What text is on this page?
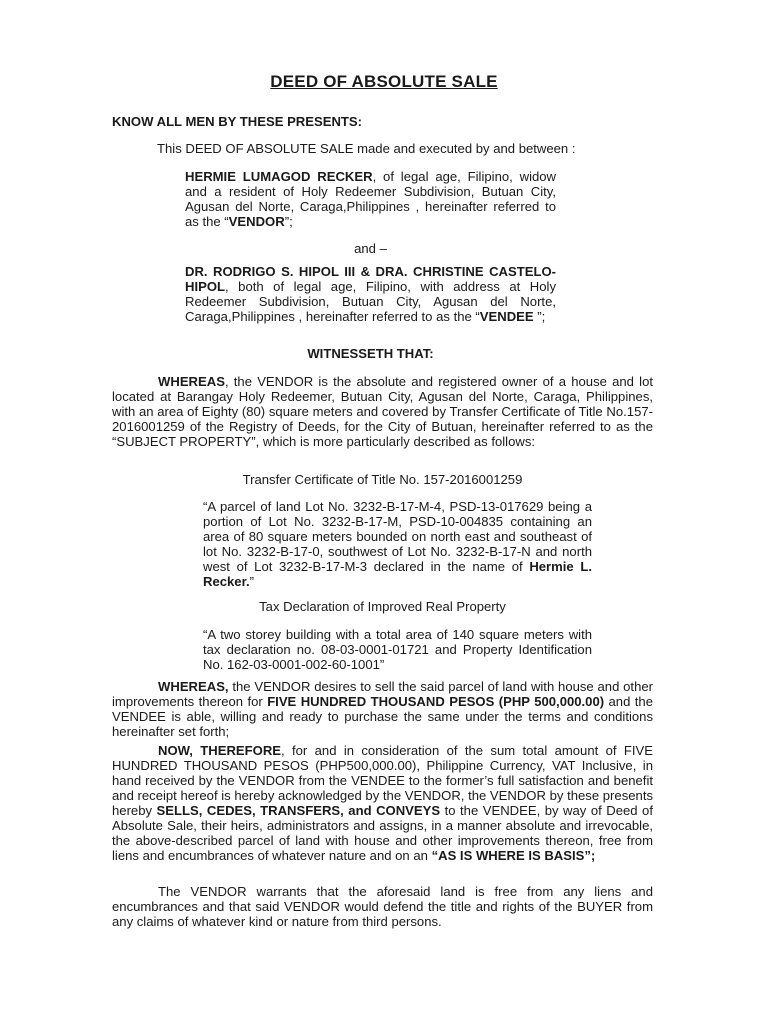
DEED OF ABSOLUTE SALE

KNOW ALL MEN BY THESE PRESENTS:

This DEED OF ABSOLUTE SALE made and executed by and between :

HERMIE LUMAGOD RECKER, of legal age, Filipino, widow and a resident of Holy Redeemer Subdivision, Butuan City, Agusan del Norte, Caraga,Philippines , hereinafter referred to as the “VENDOR”;

and –

DR. RODRIGO S. HIPOL III & DRA. CHRISTINE CASTELO-HIPOL, both of legal age, Filipino, with address at Holy Redeemer Subdivision, Butuan City, Agusan del Norte, Caraga,Philippines , hereinafter referred to as the “VENDEE ”;

WITNESSETH THAT:

WHEREAS, the VENDOR is the absolute and registered owner of a house and lot located at Barangay Holy Redeemer, Butuan City, Agusan del Norte, Caraga, Philippines, with an area of Eighty (80) square meters and covered by Transfer Certificate of Title No.157-2016001259 of the Registry of Deeds, for the City of Butuan, hereinafter referred to as the “SUBJECT PROPERTY”, which is more particularly described as follows:

Transfer Certificate of Title No. 157-2016001259

“A parcel of land Lot No. 3232-B-17-M-4, PSD-13-017629 being a portion of Lot No. 3232-B-17-M, PSD-10-004835 containing an area of 80 square meters bounded on north east and southeast of lot No. 3232-B-17-0, southwest of Lot No. 3232-B-17-N and north west of Lot 3232-B-17-M-3 declared in the name of Hermie L. Recker.”

Tax Declaration of Improved Real Property

“A two storey building with a total area of 140 square meters with tax declaration no. 08-03-0001-01721 and Property Identification No. 162-03-0001-002-60-1001”

WHEREAS, the VENDOR desires to sell the said parcel of land with house and other improvements thereon for FIVE HUNDRED THOUSAND PESOS (PHP 500,000.00) and the VENDEE is able, willing and ready to purchase the same under the terms and conditions hereinafter set forth;

NOW, THEREFORE, for and in consideration of the sum total amount of FIVE HUNDRED THOUSAND PESOS (PHP500,000.00), Philippine Currency, VAT Inclusive, in hand received by the VENDOR from the VENDEE to the former’s full satisfaction and benefit and receipt hereof is hereby acknowledged by the VENDOR, the VENDOR by these presents hereby SELLS, CEDES, TRANSFERS, and CONVEYS to the VENDEE, by way of Deed of Absolute Sale, their heirs, administrators and assigns, in a manner absolute and irrevocable, the above-described parcel of land with house and other improvements thereon, free from liens and encumbrances of whatever nature and on an “AS IS WHERE IS BASIS”;

The VENDOR warrants that the aforesaid land is free from any liens and encumbrances and that said VENDOR would defend the title and rights of the BUYER from any claims of whatever kind or nature from third persons.
